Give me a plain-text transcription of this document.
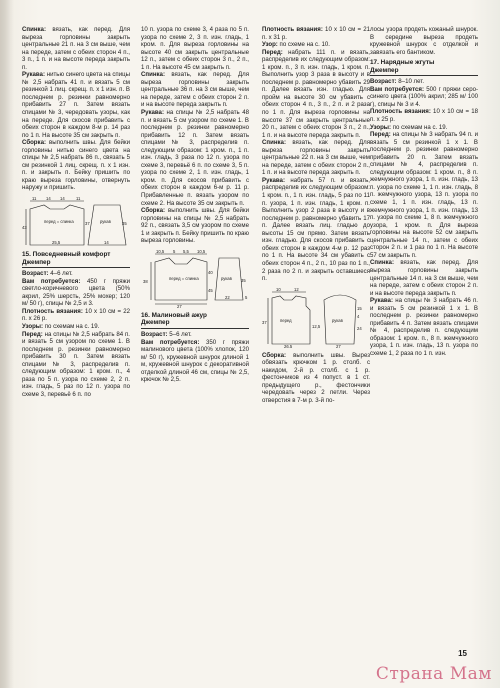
Спинка: вязать, как перед. Для выреза горловины закрыть центральные 21 п. на 3 см выше, чем на переде, затем с обеих сторон 4 п., 3 п., 1 п. и на высоте переда закрыть п.

Рукава: нитью синего цвета на спицы № 2,5 набрать 41 п. и вязать 5 см резинкой 1 лиц. скрещ. п. х 1 изн. п. В последнем р. резинки равномерно прибавить 27 п. Затем вязать спицами № 3, чередовать узоры, как на переде. Для скосов прибавить с обеих сторон в каждом 8-м р. 14 раз по 1 п. На высоте 35 см закрыть п.

Сборка: выполнить швы. Для бейки горловины нитью синего цвета на спицы № 2,5 набрать 86 п., связать 5 см резинкой 1 лиц. скрещ. п. х 1 изн. п. и закрыть п. Бейку пришить по краю выреза горловины, отвернуть наружу и пришить.

11 14 14	11
перед = спинка	рукав
43
37	35
25,5	14
15. Повседневный комфорт
Джемпер

Возраст: 4–6 лет.

Вам потребуется: 450 г пряжи светло-коричневого цвета (50% акрил, 25% шерсть, 25% мохер; 120 м/ 50 г), спицы № 2,5 и 3.

Плотность вязания: 10 х 10 см = 22 п. х 26 р.

Узоры: по схемам на с. 19.

Перед: на спицы № 2,5 набрать 84 п. и вязать 5 см узором по схеме 1. В последнем р. резинки равномерно прибавить 30 п. Затем вязать спицами № 3, распределив п. следующим образом: 1 кром. п., 4 раза по 5 п. узора по схеме 2, 2 п. изн. гладь, 5 раз по 12 п. узора по схеме 3, перевьё 6 п. по

10 п. узора по схеме 3, 4 раза по 5 п. узора по схеме 2, 3 п. изн. гладь, 1 кром. п. Для выреза горловины на высоте 40 см закрыть центральные 12 п., затем с обеих сторон 3 п., 2 п., 1 п. На высоте 45 см закрыть п.

Спинка: вязать, как перед. Для выреза горловины закрыть центральные 36 п. на 3 см выше, чем на переде, затем с обеих сторон 2 п. и на высоте переда закрыть п.

Рукава: на спицы № 2,5 набрать 48 п. и вязать 5 см узором по схеме 1. В последнем р. резинки равномерно прибавить 12 п. Затем вязать спицами № 3, распределив п. следующим образом: 1 кром. п., 1 п. изн. гладь, 3 раза по 12 п. узора по схеме 3, перевьё 6 п. по схеме 3, 5 п. узора по схеме 2, 1 п. изн. гладь, 1 кром. п. Для скосов прибавить с обеих сторон в каждом 6-м р. 11 р. Прибавленные п. вязать узором по схеме 2. На высоте 35 см закрыть п.

Сборка: выполнить швы. Для бейки горловины на спицы № 2,5 набрать 92 п., связать 3,5 см узором по схеме 1 и закрыть п. Бейку пришить по краю выреза горловины.

10,5 5 5,5 10,5
перед = спинка	рукав
38
40
45
35
27
22	5
16. Малиновый ажур
Джемпер

Возраст: 5–6 лет.

Вам потребуется: 350 г пряжи малинового цвета (100% хлопок, 120 м/ 50 г), кружевной шнурок длиной 1 м, кружевной шнурок с декоративной отделкой длиной 46 см, спицы № 2,5, крючок № 2,5.

Плотность вязания: 10 х 10 см = 21 п. х 31 р.

Узор: по схеме на с. 10.

Перед: набрать 111 п. и вязать, распределив их следующим образом: 1 кром. п., 3 п. изн. гладь, 1 кром. п. Выполнить узор 3 раза в высоту и в последнем р. равномерно убавить 29 п. Далее вязать изн. гладью. Для пройм на высоте 30 см убавить с обеих сторон 4 п., 3 п., 2 п. и 2 раза по 1 п. Для выреза горловины на высоте 37 см закрыть центральные 20 п., затем с обеих сторон 3 п., 2 п., 1 п. и на высоте переда закрыть п.

Спинка: вязать, как перед. Для выреза горловины закрыть центральные 22 п. на 3 см выше, чем на переде, затем с обеих сторон 2 п., 1 п. и на высоте переда закрыть п.

Рукава: набрать 57 п. и вязать, распределив их следующим образом: 1 кром. п., 1 п. изн. гладь, 5 раз по 11 п. узора, 1 п. изн. гладь, 1 кром. п. Выполнить узор 2 раза в высоту и в последнем р. равномерно убавить 17 п. Далее вязать лиц. гладью до высоты 15 см прямо. Затем вязать изн. гладью. Для скосов прибавить с обеих сторон в каждом 4-м р. 12 раз по 1 п. На высоте 34 см убавить с обеих сторон 4 п., 2 п., 10 раз по 1 п., 2 раза по 2 п. и закрыть оставшиеся п.

10	12
перед
37
12,5
26,5
рукав
15
4
24
27

Сборка: выполнить швы. Вырез обвязать крючком 1 р. столб. с накидом, 2-й р. столб. с 1 р. фестончиков из 4 попуст. в 1 ст. предыдущего р., фестончики чередовать через 2 петли. Через отверстия в 7-м р. 3-й по-

лосы узора продеть кожаный шнурок. В середине выреза продеть кружевной шнурок с отделкой и завязать его бантиком.

17. Нарядные жгуты
Джемпер

Возраст: 8–10 лет.

Вам потребуется: 500 г пряжи серо-синего цвета (100% акрил; 285 м/ 100 г), спицы № 3 и 4.

Плотность вязания: 10 х 10 см = 18 п. х 25 р.

Узоры: по схемам на с. 19.

Перед: на спицы № 3 набрать 94 п. и вязать 5 см резинкой 1 х 1. В последнем р. резинки равномерно прибавить 20 п. Затем вязать спицами № 4, распределив п. следующим образом: 1 кром. п., 8 п. жемчужного узора, 1 п. изн. гладь, 13 п. узора по схеме 1, 1 п. изн. гладь, 8 п. жемчужного узора, 13 п. узора по схеме 1, 1 п. изн. гладь, 13 п. жемчужного узора, 1 п. изн. гладь, 13 п. узора по схеме 1, 8 п. жемчужного узора, 1 кром. п. Для выреза горловины на высоте 52 см закрыть центральные 14 п., затем с обеих сторон 2 п. и 1 раз по 1 п. На высоте 57 см закрыть п.

Спинка: вязать, как перед. Для выреза горловины закрыть центральные 14 п. на 3 см выше, чем на переде, затем с обеих сторон 2 п. и на высоте переда закрыть п.

Рукава: на спицы № 3 набрать 46 п. и вязать 5 см резинкой 1 х 1. В последнем р. резинки равномерно прибавить 4 п. Затем вязать спицами № 4, распределив п. следующим образом: 1 кром. п., 8 п. жемчужного узора, 1 п. изн. гладь, 13 п. узора по схеме 1, 2 раза по 1 п. изн.

15
Страна Мам
